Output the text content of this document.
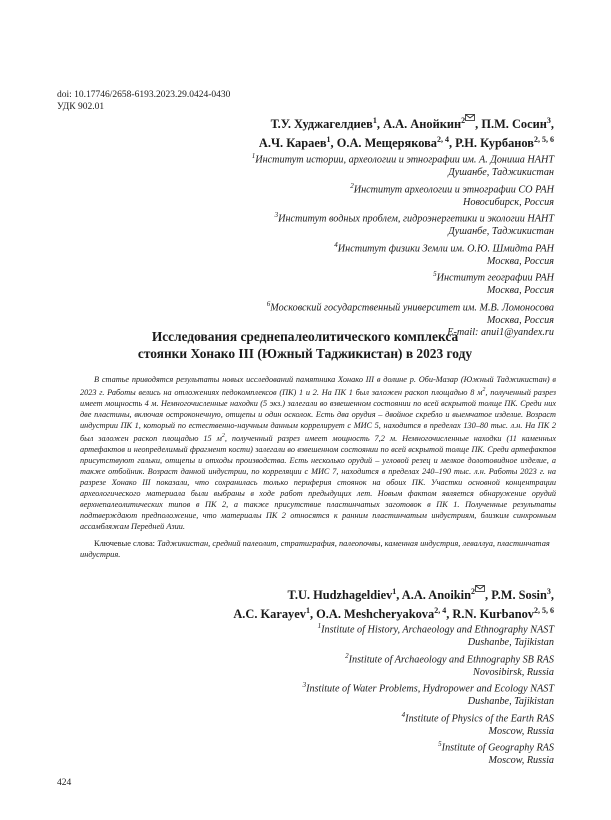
doi: 10.17746/2658-6193.2023.29.0424-0430
УДК 902.01
Т.У. Худжагелдиев$^1$, А.А. Анойкин$^2$ , П.М. Сосин$^3$,
А.Ч. Караев$^1$, О.А. Мещерякова$^{2, 4}$, Р.Н. Курбанов$^{2, 5, 6}$
$^1$Институт истории, археологии и этнографии им. А. Дониша НАНТ
Душанбе, Таджикистан
$^2$Институт археологии и этнографии СО РАН
Новосибирск, Россия
$^3$Институт водных проблем, гидроэнергетики и экологии НАНТ
Душанбе, Таджикистан
$^4$Институт физики Земли им. О.Ю. Шмидта РАН
Москва, Россия
$^5$Институт географии РАН
Москва, Россия
$^6$Московский государственный университет им. М.В. Ломоносова
Москва, Россия
E-mail: anui1@yandex.ru
Исследования среднепалеолитического комплекса
стоянки Хонако III (Южный Таджикистан) в 2023 году
В статье приводятся результаты новых исследований памятника Хонако III в долине р. Оби-Мазар (Южный Таджикистан) в 2023 г. Работы велись на отложениях педокомплексов (ПК) 1 и 2. На ПК 1 был заложен раскоп площадью 8 $м^2$, полученный разрез имеет мощность 4 м. Немногочисленные находки (5 экз.) залегали во взвешенном состоянии по всей вскрытой толще ПК. Среди них две пластины, включая остроконечную, отщепы и один осколок. Есть два орудия – двойное скребло и выемчатое изделие. Возраст индустрии ПК 1, который по естественно-научным данным коррелирует с МИС 5, находится в пределах 130–80 тыс. л.н. На ПК 2 был заложен раскоп площадью 15 $м^2$, полученный разрез имеет мощность 7,2 м. Немногочисленные находки (11 каменных артефактов и неопределимый фрагмент кости) залегали во взвешенном состоянии по всей вскрытой толще ПК. Среди артефактов присутствуют гальки, отщепы и отходы производства. Есть несколько орудий – угловой резец и мелкое долотовидное изделие, а также отбойник. Возраст данной индустрии, по корреляции с МИС 7, находится в пределах 240–190 тыс. л.н. Работы 2023 г. на разрезе Хонако III показали, что сохранилась только периферия стоянок на обоих ПК. Участки основной концентрации археологического материала были выбраны в ходе работ предыдущих лет. Новым фактом является обнаружение орудий верхнепалеолитических типов в ПК 2, а также присутствие пластинчатых заготовок в ПК 1. Полученные результаты подтверждают предположение, что материалы ПК 2 относятся к ранним пластинчатым индустриям, близким синхронным ассамбляжам Передней Азии.
Ключевые слова: Таджикистан, средний палеолит, стратиграфия, палеопочвы, каменная индустрия, леваллуа, пластинчатая индустрия.
T.U. Hudzhageldiev$^1$, A.A. Anoikin$^2$ , P.M. Sosin$^3$,
A.C. Karayev$^1$, O.A. Meshcheryakova$^{2, 4}$, R.N. Kurbanov$^{2, 5, 6}$
$^1$Institute of History, Archaeology and Ethnography NAST
Dushanbe, Tajikistan
$^2$Institute of Archaeology and Ethnography SB RAS
Novosibirsk, Russia
$^3$Institute of Water Problems, Hydropower and Ecology NAST
Dushanbe, Tajikistan
$^4$Institute of Physics of the Earth RAS
Moscow, Russia
$^5$Institute of Geography RAS
Moscow, Russia
424
